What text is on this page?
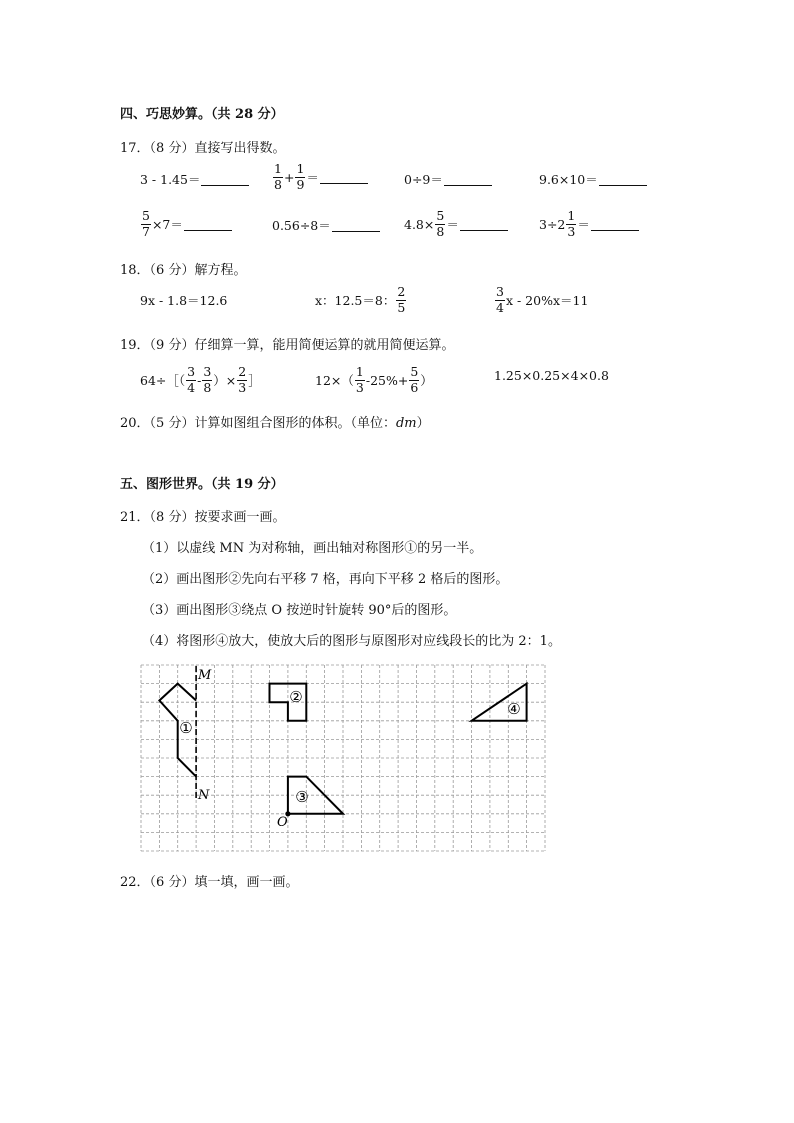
四、巧思妙算。（共 28 分）
17．（8 分）直接写出得数。
3 - 1.45＝	$\frac{1}{8} + \frac{1}{9}$ ＝	0÷9＝	9.6×10＝
$\frac{5}{7} \times 7=$	0.56÷8＝	$4.8\times \frac{5}{8}$ ＝	$3\div 2 \frac{1}{3}$ ＝
18．（6 分）解方程。
9x - 1.8＝12.6	x：12.5＝8： $\frac{2}{5}$	$\frac{3}{4}$ x - 20%x＝11
19．（9 分）仔细算一算，能用简便运算的就用简便运算。
64÷［（ $\frac{3}{4} - \frac{3}{8}$ ）× $\frac{2}{3}$ ］	$12\times( \frac{1}{3} -25\%+ \frac{5}{6}$ ）	1.25×0.25×4×0.8
20．（5 分）计算如图组合图形的体积。（单位：dm）
五、图形世界。（共 19 分）
21．（8 分）按要求画一画。
（1）以虚线 MN 为对称轴，画出轴对称图形①的另一半。
（2）画出图形②先向右平移 7 格，再向下平移 2 格后的图形。
（3）画出图形③绕点 O 按逆时针旋转 90°后的图形。
（4）将图形④放大，使放大后的图形与原图形对应线段长的比为 2：1。
M
N
①
②
③
O
④
22．（6 分）填一填，画一画。
